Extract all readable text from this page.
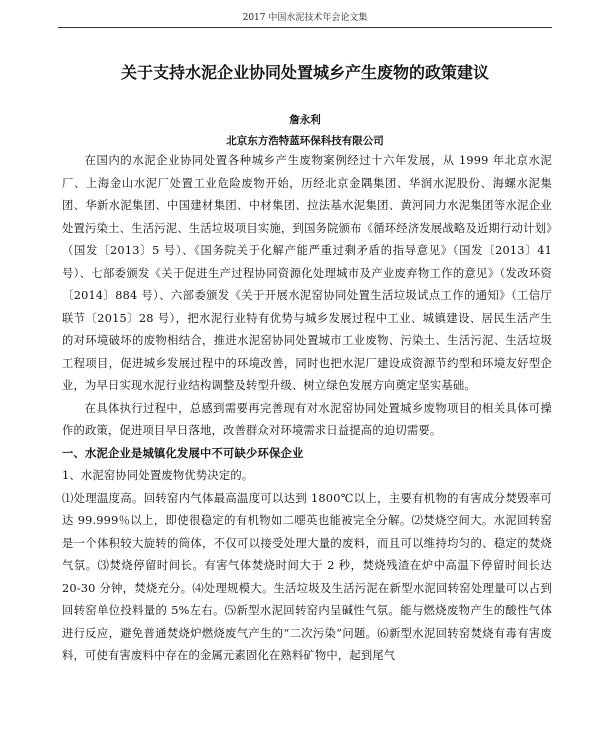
2017 中国水泥技术年会论文集
关于支持水泥企业协同处置城乡产生废物的政策建议
詹永利
北京东方浩特蓝环保科技有限公司

在国内的水泥企业协同处置各种城乡产生废物案例经过十六年发展，从 1999 年北京水泥厂、上海金山水泥厂处置工业危险废物开始，历经北京金隅集团、华润水泥股份、海螺水泥集团、华新水泥集团、中国建材集团、中材集团、拉法基水泥集团、黄河同力水泥集团等水泥企业处置污染土、生活污泥、生活垃圾项目实施，到国务院颁布《循环经济发展战略及近期行动计划》（国发〔2013〕5 号）、《国务院关于化解产能严重过剩矛盾的指导意见》（国发〔2013〕41 号）、七部委颁发《关于促进生产过程协同资源化处理城市及产业废弃物工作的意见》（发改环资〔2014〕884 号）、六部委颁发《关于开展水泥窑协同处置生活垃圾试点工作的通知》（工信厅联节〔2015〕28 号），把水泥行业特有优势与城乡发展过程中工业、城镇建设、居民生活产生的对环境破坏的废物相结合，推进水泥窑协同处置城市工业废物、污染土、生活污泥、生活垃圾工程项目，促进城乡发展过程中的环境改善，同时也把水泥厂建设成资源节约型和环境友好型企业，为早日实现水泥行业结构调整及转型升级、树立绿色发展方向奠定坚实基础。

在具体执行过程中，总感到需要再完善现有对水泥窑协同处置城乡废物项目的相关具体可操作的政策，促进项目早日落地，改善群众对环境需求日益提高的迫切需要。

一、水泥企业是城镇化发展中不可缺少环保企业

1、水泥窑协同处置废物优势决定的。

⑴处理温度高。回转窑内气体最高温度可以达到 1800℃以上，主要有机物的有害成分焚毁率可达 99.999％以上，即使很稳定的有机物如二噁英也能被完全分解。⑵焚烧空间大。水泥回转窑是一个体积较大旋转的筒体，不仅可以接受处理大量的废料，而且可以维持均匀的、稳定的焚烧气氛。⑶焚烧停留时间长。有害气体焚烧时间大于 2 秒，焚烧残渣在炉中高温下停留时间长达 20-30 分钟，焚烧充分。⑷处理规模大。生活垃圾及生活污泥在新型水泥回转窑处理量可以占到回转窑单位投料量的 5%左右。⑸新型水泥回转窑内呈碱性气氛。能与燃烧废物产生的酸性气体进行反应，避免普通焚烧炉燃烧废气产生的“二次污染”问题。⑹新型水泥回转窑焚烧有毒有害废料，可使有害废料中存在的金属元素固化在熟料矿物中，起到尾气
